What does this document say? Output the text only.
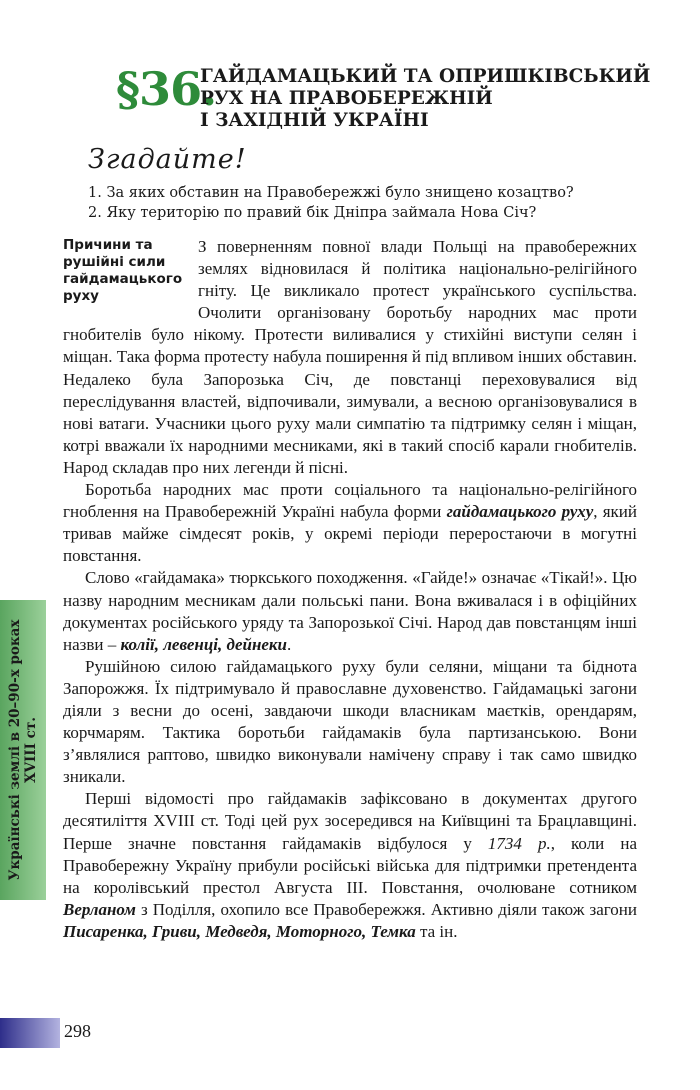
§36.
ГАЙДАМАЦЬКИЙ ТА ОПРИШКІВСЬКИЙ
РУХ НА ПРАВОБЕРЕЖНІЙ
І ЗАХІДНІЙ УКРАЇНІ
Згадайте!
1. За яких обставин на Правобережжі було знищено козацтво?
2. Яку територію по правий бік Дніпра займала Нова Січ?
Причини та
рушійні сили
гайдамацького
руху

З поверненням повної влади Польщі на правобережних землях відновилася й політика національно-релігійного гніту. Це викликало протест українського суспільства. Очолити організовану боротьбу народних мас проти гнобителів було нікому. Протести виливалися у стихійні виступи селян і міщан. Така форма протесту набула поширення й під впливом інших обставин. Недалеко була Запорозька Січ, де повстанці переховувалися від переслідування властей, відпочивали, зимували, а весною організовувалися в нові ватаги. Учасники цього руху мали симпатію та підтримку селян і міщан, котрі вважали їх народними месниками, які в такий спосіб карали гнобителів. Народ складав про них легенди й пісні.

Боротьба народних мас проти соціального та національно-релігійного гноблення на Правобережній Україні набула форми гайдамацького руху, який тривав майже сімдесят років, у окремі періоди переростаючи в могутні повстання.

Слово «гайдамака» тюркського походження. «Гайде!» означає «Тікай!». Цю назву народним месникам дали польські пани. Вона вживалася і в офіційних документах російського уряду та Запорозької Січі. Народ дав повстанцям інші назви – колії, левенці, дейнеки.

Рушійною силою гайдамацького руху були селяни, міщани та біднота Запорожжя. Їх підтримувало й православне духовенство. Гайдамацькі загони діяли з весни до осені, завдаючи шкоди власникам маєтків, орендарям, корчмарям. Тактика боротьби гайдамаків була партизанською. Вони з’являлися раптово, швидко виконували намічену справу і так само швидко зникали.

Перші відомості про гайдамаків зафіксовано в документах другого десятиліття XVIII ст. Тоді цей рух зосередився на Київщині та Брацлавщині. Перше значне повстання гайдамаків відбулося у 1734 р., коли на Правобережну Україну прибули російські війська для підтримки претендента на королівський престол Августа III. Повстання, очолюване сотником Верланом з Поділля, охопило все Правобережжя. Активно діяли також загони Писаренка, Гриви, Медведя, Моторного, Темка та ін.

Українські землі в 20–90-х роках XVIII ст.
298
